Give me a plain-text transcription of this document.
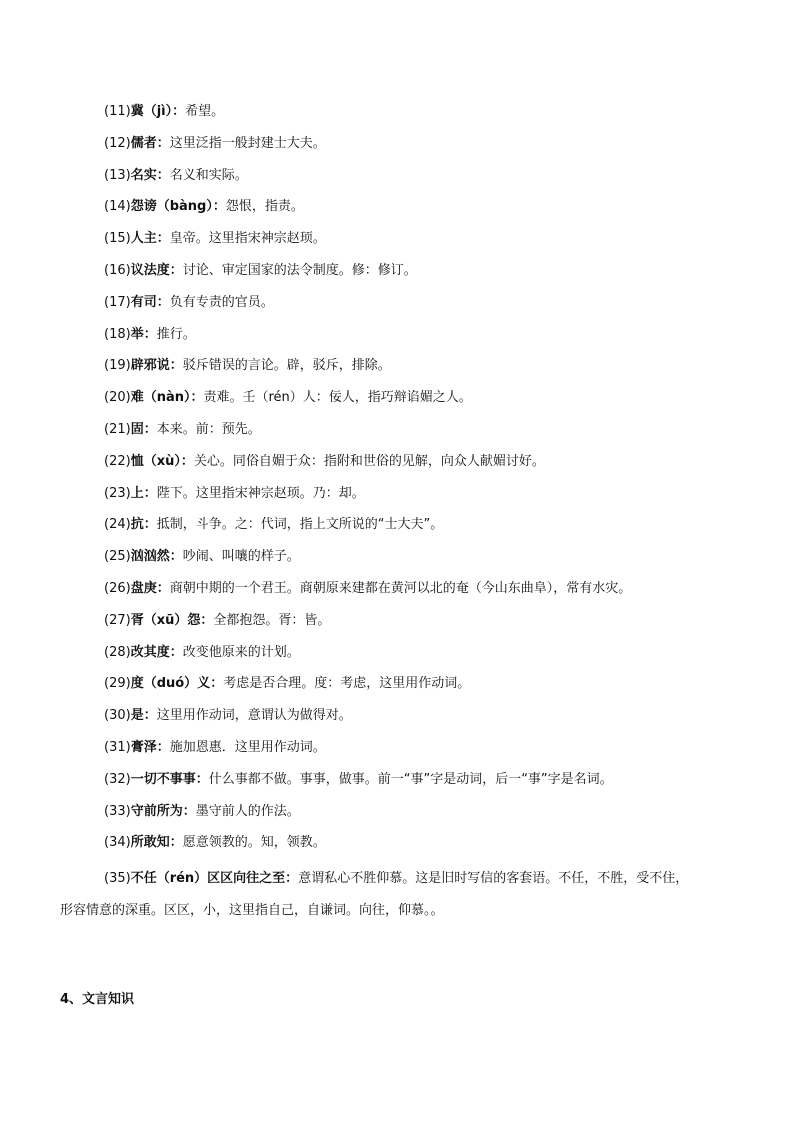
(11)冀（jì）：希望。
(12)儒者：这里泛指一般封建士大夫。
(13)名实：名义和实际。
(14)怨谤（bàng）：怨恨，指责。
(15)人主：皇帝。这里指宋神宗赵顼。
(16)议法度：讨论、审定国家的法令制度。修：修订。
(17)有司：负有专责的官员。
(18)举：推行。
(19)辟邪说：驳斥错误的言论。辟，驳斥，排除。
(20)难（nàn）：责难。壬（rén）人：佞人，指巧辩谄媚之人。
(21)固：本来。前：预先。
(22)恤（xù）：关心。同俗自媚于众：指附和世俗的见解，向众人献媚讨好。
(23)上：陛下。这里指宋神宗赵顼。乃：却。
(24)抗：抵制，斗争。之：代词，指上文所说的“士大夫”。
(25)汹汹然：吵闹、叫嚷的样子。
(26)盘庚：商朝中期的一个君王。商朝原来建都在黄河以北的奄（今山东曲阜），常有水灾。
(27)胥（xū）怨：全都抱怨。胥：皆。
(28)改其度：改变他原来的计划。
(29)度（duó）义：考虑是否合理。度：考虑，这里用作动词。
(30)是：这里用作动词，意谓认为做得对。
(31)膏泽：施加恩惠．这里用作动词。
(32)一切不事事：什么事都不做。事事，做事。前一“事”字是动词，后一“事”字是名词。
(33)守前所为：墨守前人的作法。
(34)所敢知：愿意领教的。知，领教。
(35)不任（rén）区区向往之至：意谓私心不胜仰慕。这是旧时写信的客套语。不任，不胜，受不住，
形容情意的深重。区区，小，这里指自己，自谦词。向往，仰慕。。
4、文言知识
